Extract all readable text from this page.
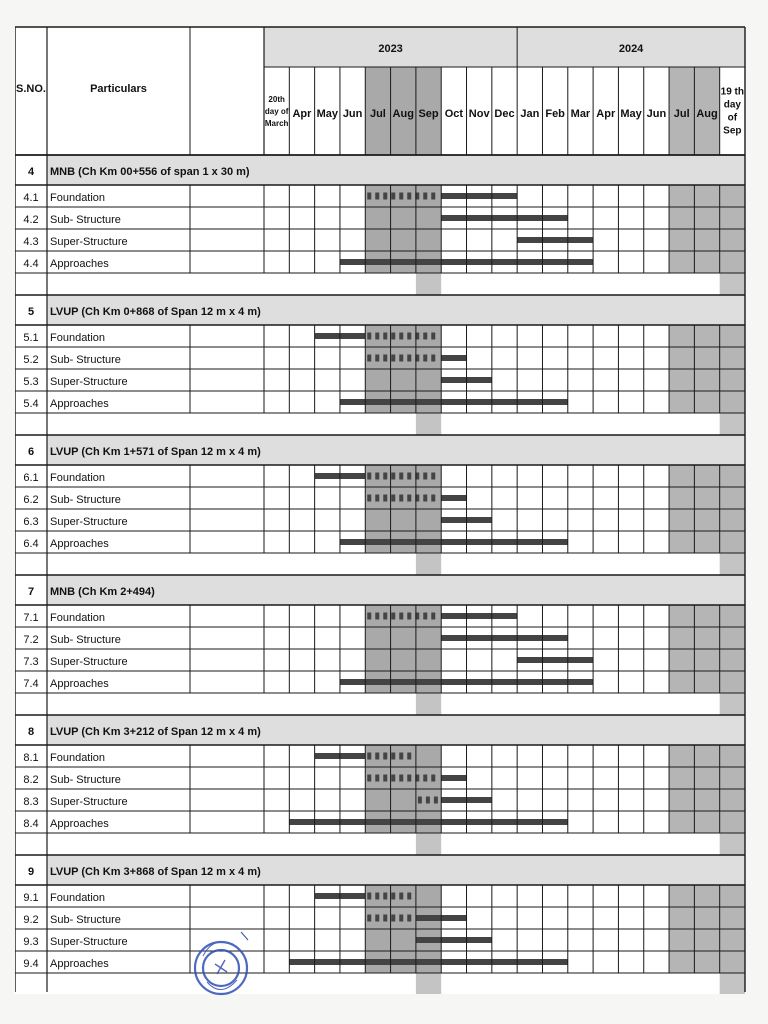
S.NO.	Particulars
2023	2024
20th
day of
March
Apr May Jun Jul Aug Sep Oct Nov Dec Jan Feb Mar Apr May Jun Jul Aug
19 th
day
of
Sep
4 MNB (Ch Km 00+556 of span 1 x 30 m)
4.1 Foundation
4.2 Sub- Structure
4.3 Super-Structure
4.4 Approaches
5 LVUP (Ch Km 0+868 of Span 12 m x 4 m)
5.1 Foundation
5.2 Sub- Structure
5.3 Super-Structure
5.4 Approaches
6 LVUP (Ch Km 1+571 of Span 12 m x 4 m)
6.1 Foundation
6.2 Sub- Structure
6.3 Super-Structure
6.4 Approaches
7 MNB (Ch Km 2+494)
7.1 Foundation
7.2 Sub- Structure
7.3 Super-Structure
7.4 Approaches
8 LVUP (Ch Km 3+212 of Span 12 m x 4 m)
8.1 Foundation
8.2 Sub- Structure
8.3 Super-Structure
8.4 Approaches
9 LVUP (Ch Km 3+868 of Span 12 m x 4 m)
9.1 Foundation
9.2 Sub- Structure
9.3 Super-Structure
9.4 Approaches
